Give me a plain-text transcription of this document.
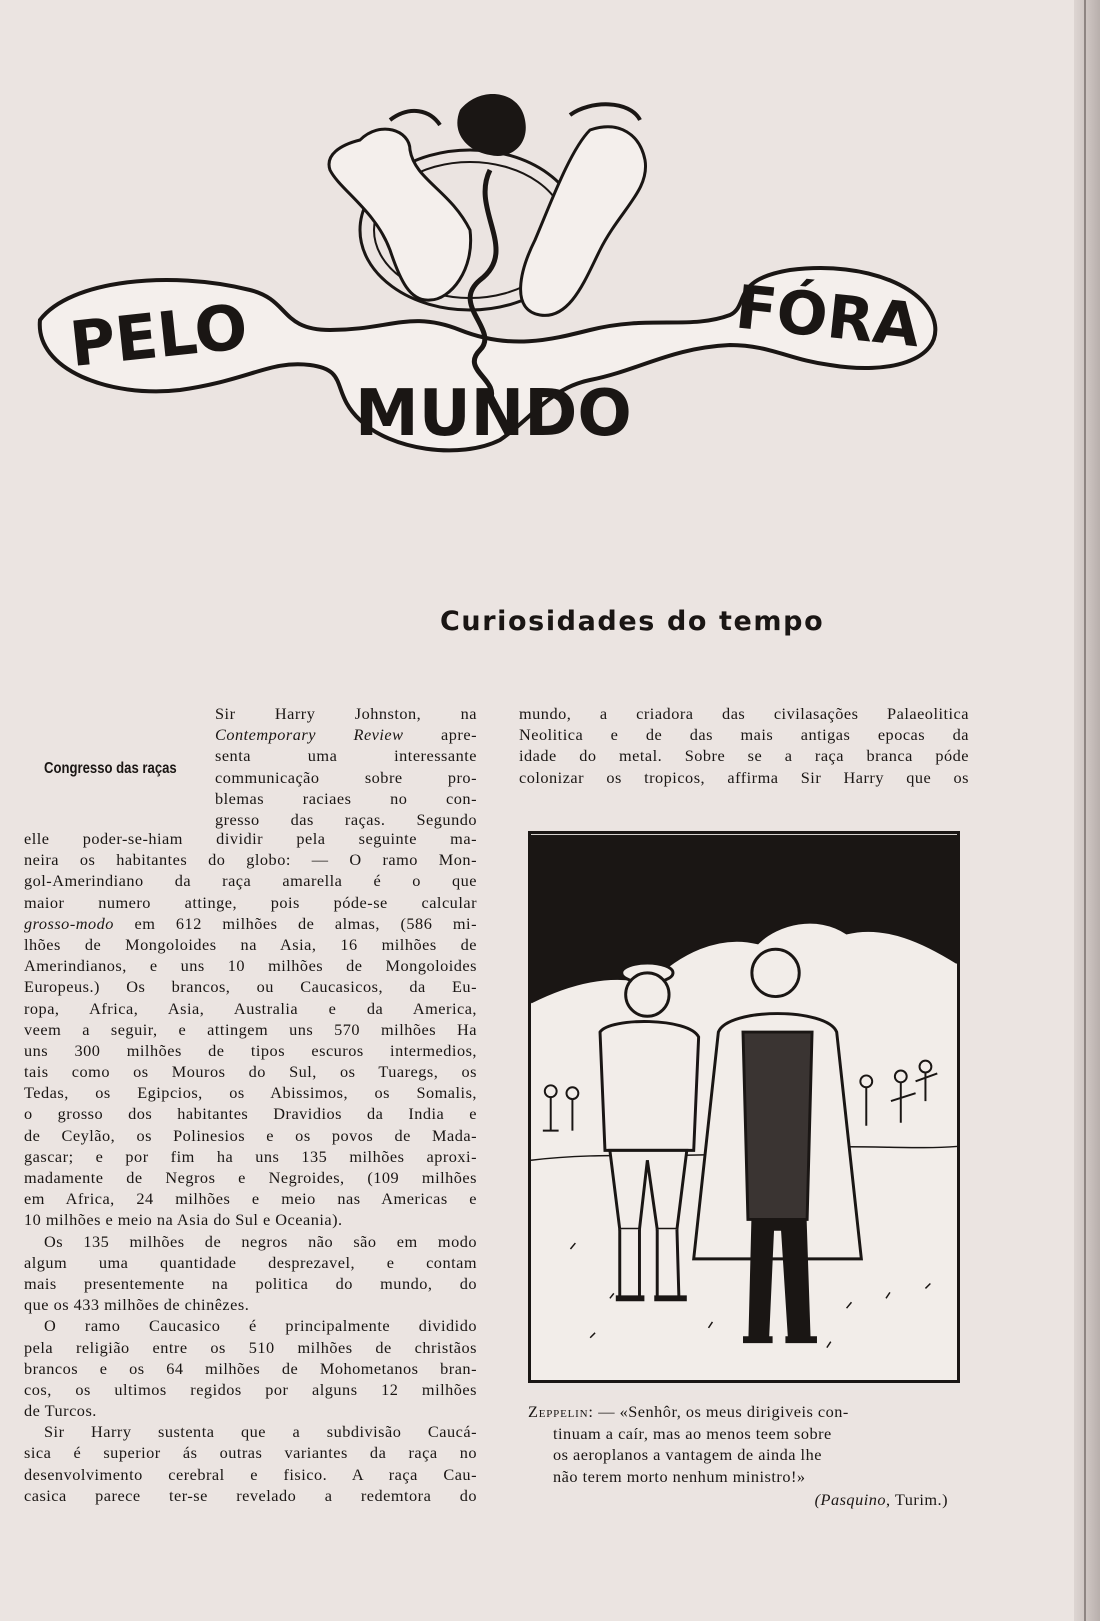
PELO
MUNDO
FÓRA
Curiosidades do tempo
Congresso das raças
Sir Harry Johnston, na
Contemporary Review apre-
senta uma interessante
communicação sobre pro-
blemas raciaes no con-
gresso das raças. Segundo
elle poder-se-hiam dividir pela seguinte ma-
neira os habitantes do globo: — O ramo Mon-
gol-Amerindiano da raça amarella é o que
maior numero attinge, pois póde-se calcular
grosso-modo em 612 milhões de almas, (586 mi-
lhões de Mongoloides na Asia, 16 milhões de
Amerindianos, e uns 10 milhões de Mongoloides
Europeus.) Os brancos, ou Caucasicos, da Eu-
ropa, Africa, Asia, Australia e da America,
veem a seguir, e attingem uns 570 milhões Ha
uns 300 milhões de tipos escuros intermedios,
tais como os Mouros do Sul, os Tuaregs, os
Tedas, os Egipcios, os Abissimos, os Somalis,
o grosso dos habitantes Dravidios da India e
de Ceylão, os Polinesios e os povos de Mada-
gascar; e por fim ha uns 135 milhões aproxi-
madamente de Negros e Negroides, (109 milhões
em Africa, 24 milhões e meio nas Americas e
10 milhões e meio na Asia do Sul e Oceania).
Os 135 milhões de negros não são em modo
algum uma quantidade desprezavel, e contam
mais presentemente na politica do mundo, do
que os 433 milhões de chinêzes.
O ramo Caucasico é principalmente dividido
pela religião entre os 510 milhões de christãos
brancos e os 64 milhões de Mohometanos bran-
cos, os ultimos regidos por alguns 12 milhões
de Turcos.
Sir Harry sustenta que a subdivisão Caucá-
sica é superior ás outras variantes da raça no
desenvolvimento cerebral e fisico. A raça Cau-
casica parece ter-se revelado a redemtora do
mundo, a criadora das civilasações Palaeolitica
Neolitica e de das mais antigas epocas da
idade do metal. Sobre se a raça branca póde
colonizar os tropicos, affirma Sir Harry que os
Zeppelin: — «Senhôr, os meus dirigiveis con-
tinuam a caír, mas ao menos teem sobre
os aeroplanos a vantagem de ainda lhe
não terem morto nenhum ministro!»
(Pasquino, Turim.)
